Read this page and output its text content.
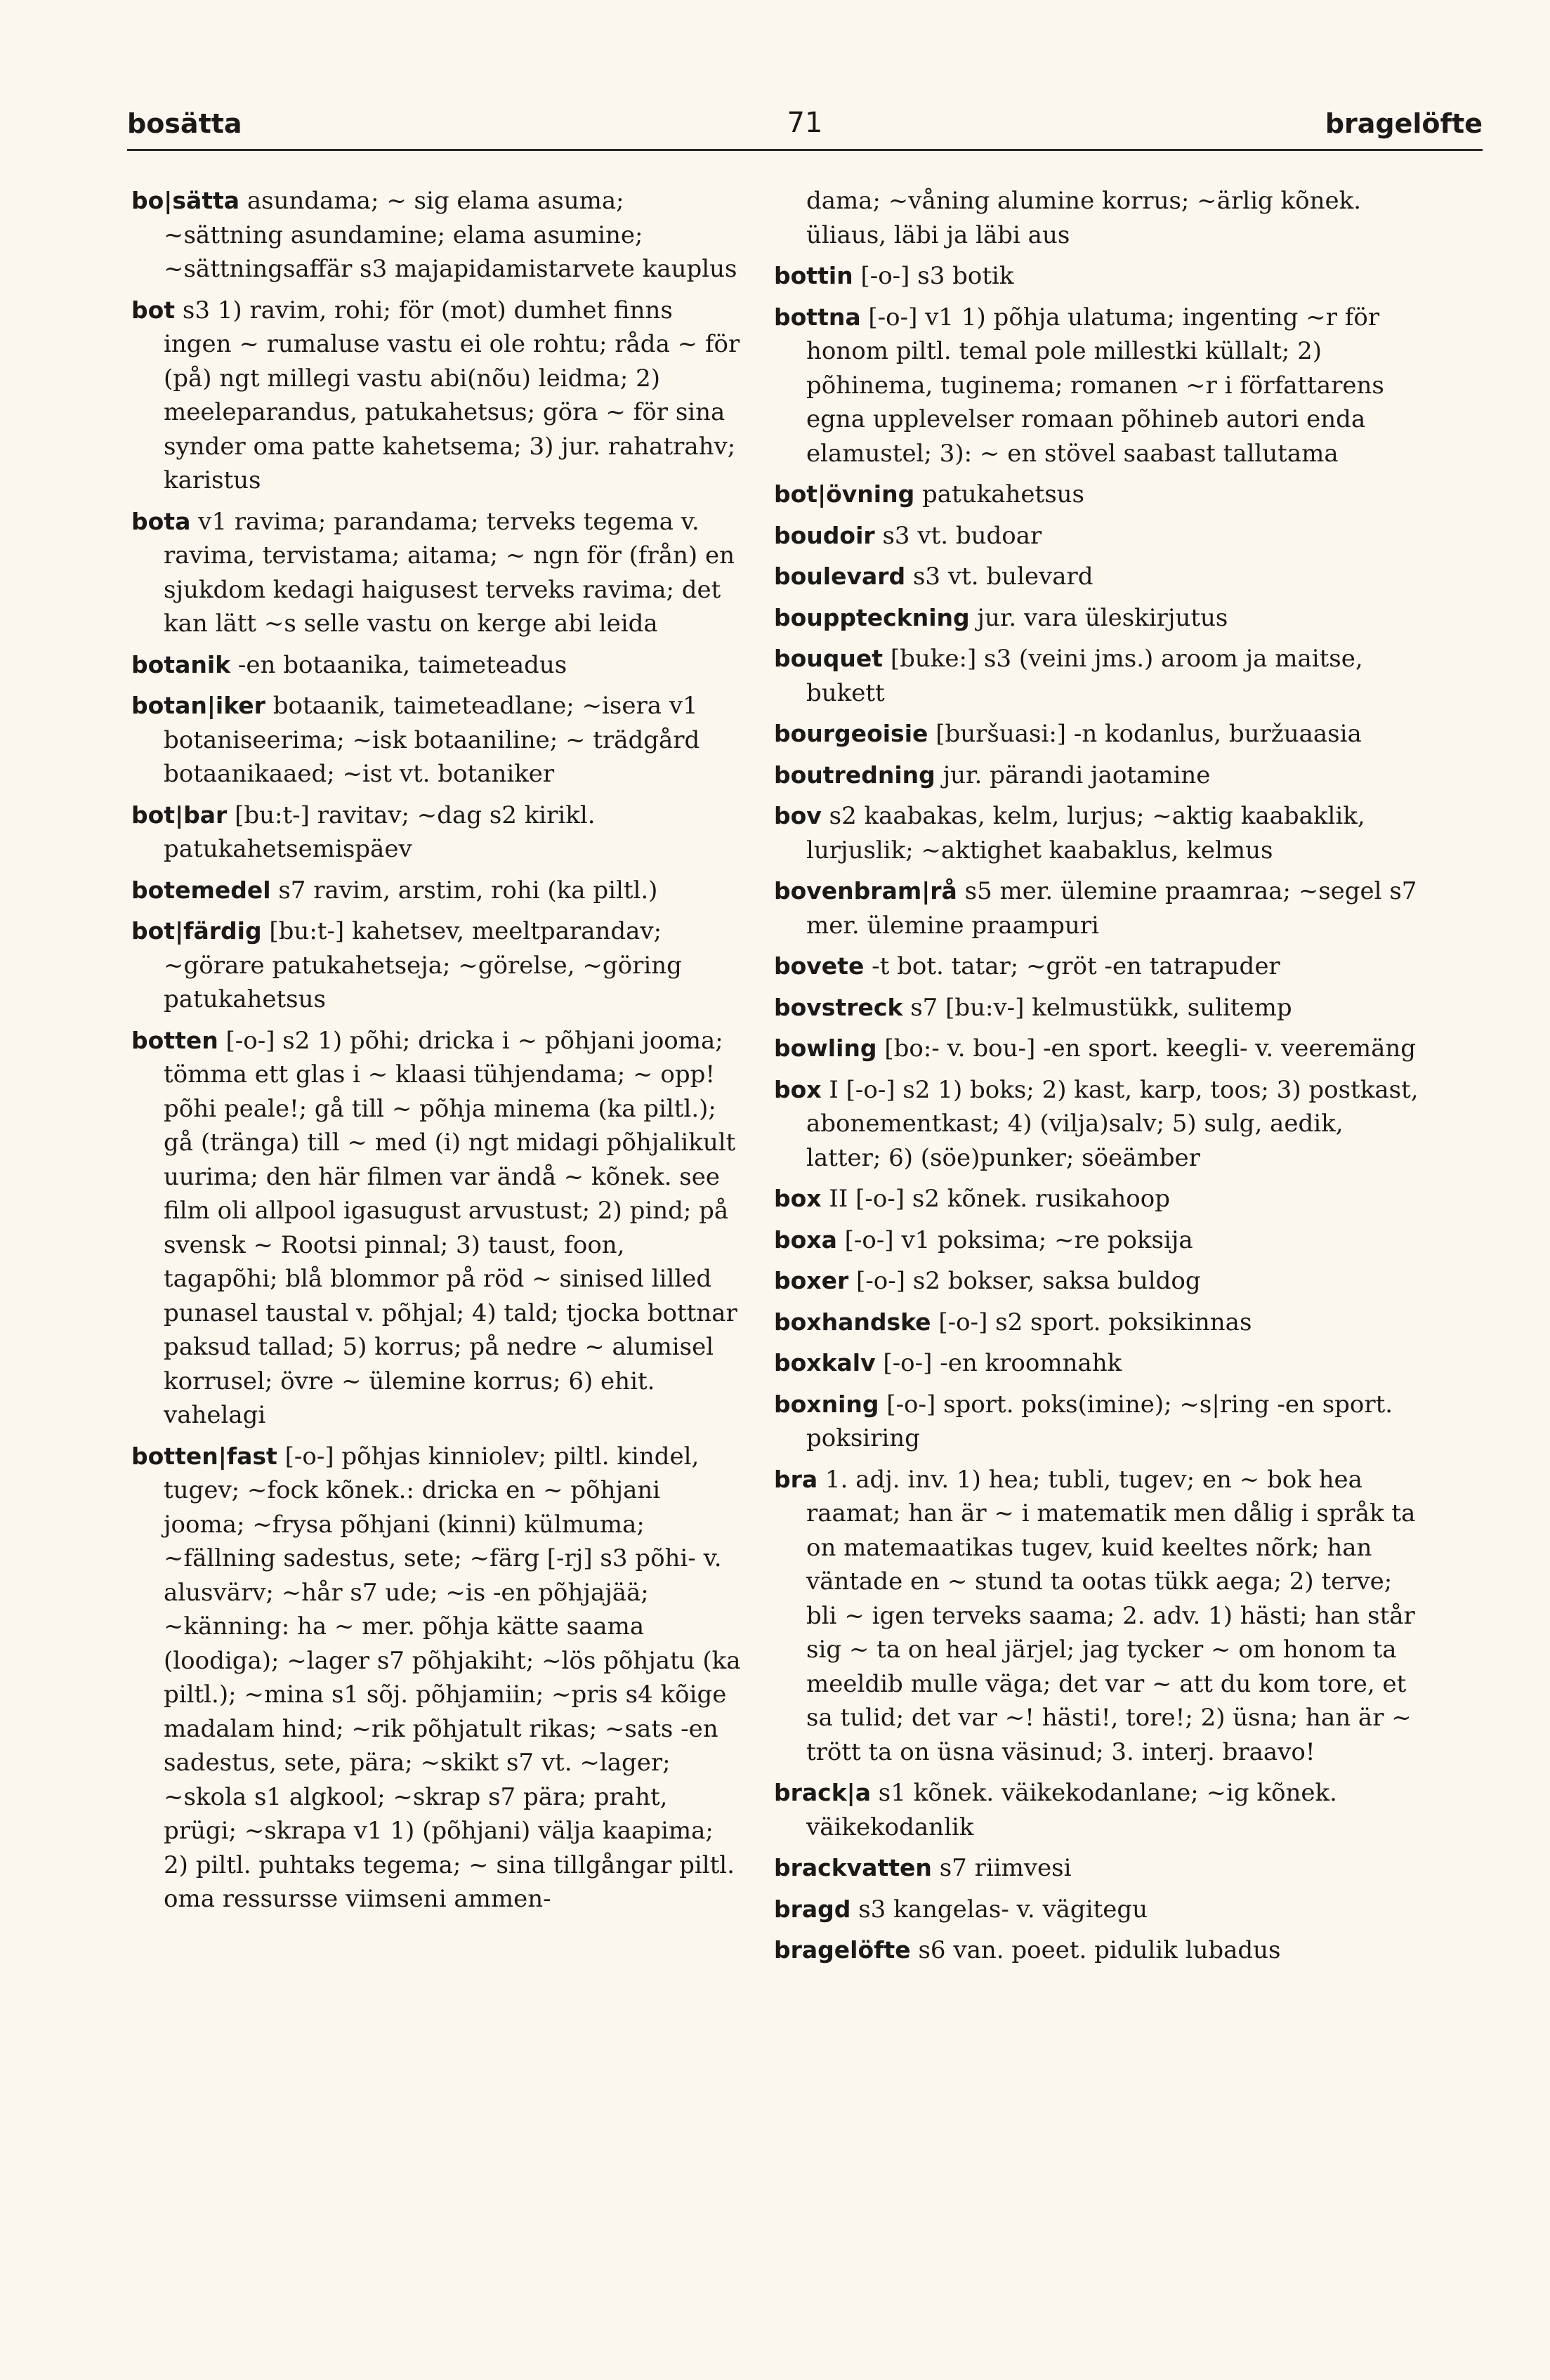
bosätta	71	bragelöfte

bo|sätta asundama; ~ sig elama asuma; ~sättning asundamine; elama asumine; ~sättningsaffär s3 majapidamistarvete kauplus

bot s3 1) ravim, rohi; för (mot) dumhet finns ingen ~ rumaluse vastu ei ole rohtu; råda ~ för (på) ngt millegi vastu abi(nõu) leidma; 2) meeleparandus, patukahetsus; göra ~ för sina synder oma patte kahetsema; 3) jur. rahatrahv; karistus

bota v1 ravima; parandama; terveks tegema v. ravima, tervistama; aitama; ~ ngn för (från) en sjukdom kedagi haigusest terveks ravima; det kan lätt ~s selle vastu on kerge abi leida

botanik -en botaanika, taimeteadus

botan|iker botaanik, taimeteadlane; ~isera v1 botaniseerima; ~isk botaaniline; ~ trädgård botaanikaaed; ~ist vt. botaniker

bot|bar [bu:t-] ravitav; ~dag s2 kirikl. patukahetsemispäev

botemedel s7 ravim, arstim, rohi (ka piltl.)

bot|färdig [bu:t-] kahetsev, meeltparandav; ~görare patukahetseja; ~görelse, ~göring patukahetsus

botten [-o-] s2 1) põhi; dricka i ~ põhjani jooma; tömma ett glas i ~ klaasi tühjendama; ~ opp! põhi peale!; gå till ~ põhja minema (ka piltl.); gå (tränga) till ~ med (i) ngt midagi põhjalikult uurima; den här filmen var ändå ~ kõnek. see film oli allpool igasugust arvustust; 2) pind; på svensk ~ Rootsi pinnal; 3) taust, foon, tagapõhi; blå blommor på röd ~ sinised lilled punasel taustal v. põhjal; 4) tald; tjocka bottnar paksud tallad; 5) korrus; på nedre ~ alumisel korrusel; övre ~ ülemine korrus; 6) ehit. vahelagi

botten|fast [-o-] põhjas kinniolev; piltl. kindel, tugev; ~fock kõnek.: dricka en ~ põhjani jooma; ~frysa põhjani (kinni) külmuma; ~fällning sadestus, sete; ~färg [-rj] s3 põhi- v. alusvärv; ~hår s7 ude; ~is -en põhjajää; ~känning: ha ~ mer. põhja kätte saama (loodiga); ~lager s7 põhjakiht; ~lös põhjatu (ka piltl.); ~mina s1 sõj. põhjamiin; ~pris s4 kõige madalam hind; ~rik põhjatult rikas; ~sats -en sadestus, sete, pära; ~skikt s7 vt. ~lager; ~skola s1 algkool; ~skrap s7 pära; praht, prügi; ~skrapa v1 1) (põhjani) välja kaapima; 2) piltl. puhtaks tegema; ~ sina tillgångar piltl. oma ressursse viimseni ammen-

dama; ~våning alumine korrus; ~ärlig kõnek. üliaus, läbi ja läbi aus

bottin [-o-] s3 botik

bottna [-o-] v1 1) põhja ulatuma; ingenting ~r för honom piltl. temal pole millestki küllalt; 2) põhinema, tuginema; romanen ~r i författarens egna upplevelser romaan põhineb autori enda elamustel; 3): ~ en stövel saabast tallutama

bot|övning patukahetsus

boudoir s3 vt. budoar

boulevard s3 vt. bulevard

bouppteckning jur. vara üleskirjutus

bouquet [buke:] s3 (veini jms.) aroom ja maitse, bukett

bourgeoisie [buršuasi:] -n kodanlus, buržuaasia

boutredning jur. pärandi jaotamine

bov s2 kaabakas, kelm, lurjus; ~aktig kaabaklik, lurjuslik; ~aktighet kaabaklus, kelmus

bovenbram|rå s5 mer. ülemine praamraa; ~segel s7 mer. ülemine praampuri

bovete -t bot. tatar; ~gröt -en tatrapuder

bovstreck s7 [bu:v-] kelmustükk, sulitemp

bowling [bo:- v. bou-] -en sport. keegli- v. veeremäng

box I [-o-] s2 1) boks; 2) kast, karp, toos; 3) postkast, abonementkast; 4) (vilja)salv; 5) sulg, aedik, latter; 6) (söe)punker; söeämber

box II [-o-] s2 kõnek. rusikahoop

boxa [-o-] v1 poksima; ~re poksija

boxer [-o-] s2 bokser, saksa buldog

boxhandske [-o-] s2 sport. poksikinnas

boxkalv [-o-] -en kroomnahk

boxning [-o-] sport. poks(imine); ~s|ring -en sport. poksiring

bra 1. adj. inv. 1) hea; tubli, tugev; en ~ bok hea raamat; han är ~ i matematik men dålig i språk ta on matemaatikas tugev, kuid keeltes nõrk; han väntade en ~ stund ta ootas tükk aega; 2) terve; bli ~ igen terveks saama; 2. adv. 1) hästi; han står sig ~ ta on heal järjel; jag tycker ~ om honom ta meeldib mulle väga; det var ~ att du kom tore, et sa tulid; det var ~! hästi!, tore!; 2) üsna; han är ~ trött ta on üsna väsinud; 3. interj. braavo!

brack|a s1 kõnek. väikekodanlane; ~ig kõnek. väikekodanlik

brackvatten s7 riimvesi

bragd s3 kangelas- v. vägitegu

bragelöfte s6 van. poeet. pidulik lubadus
